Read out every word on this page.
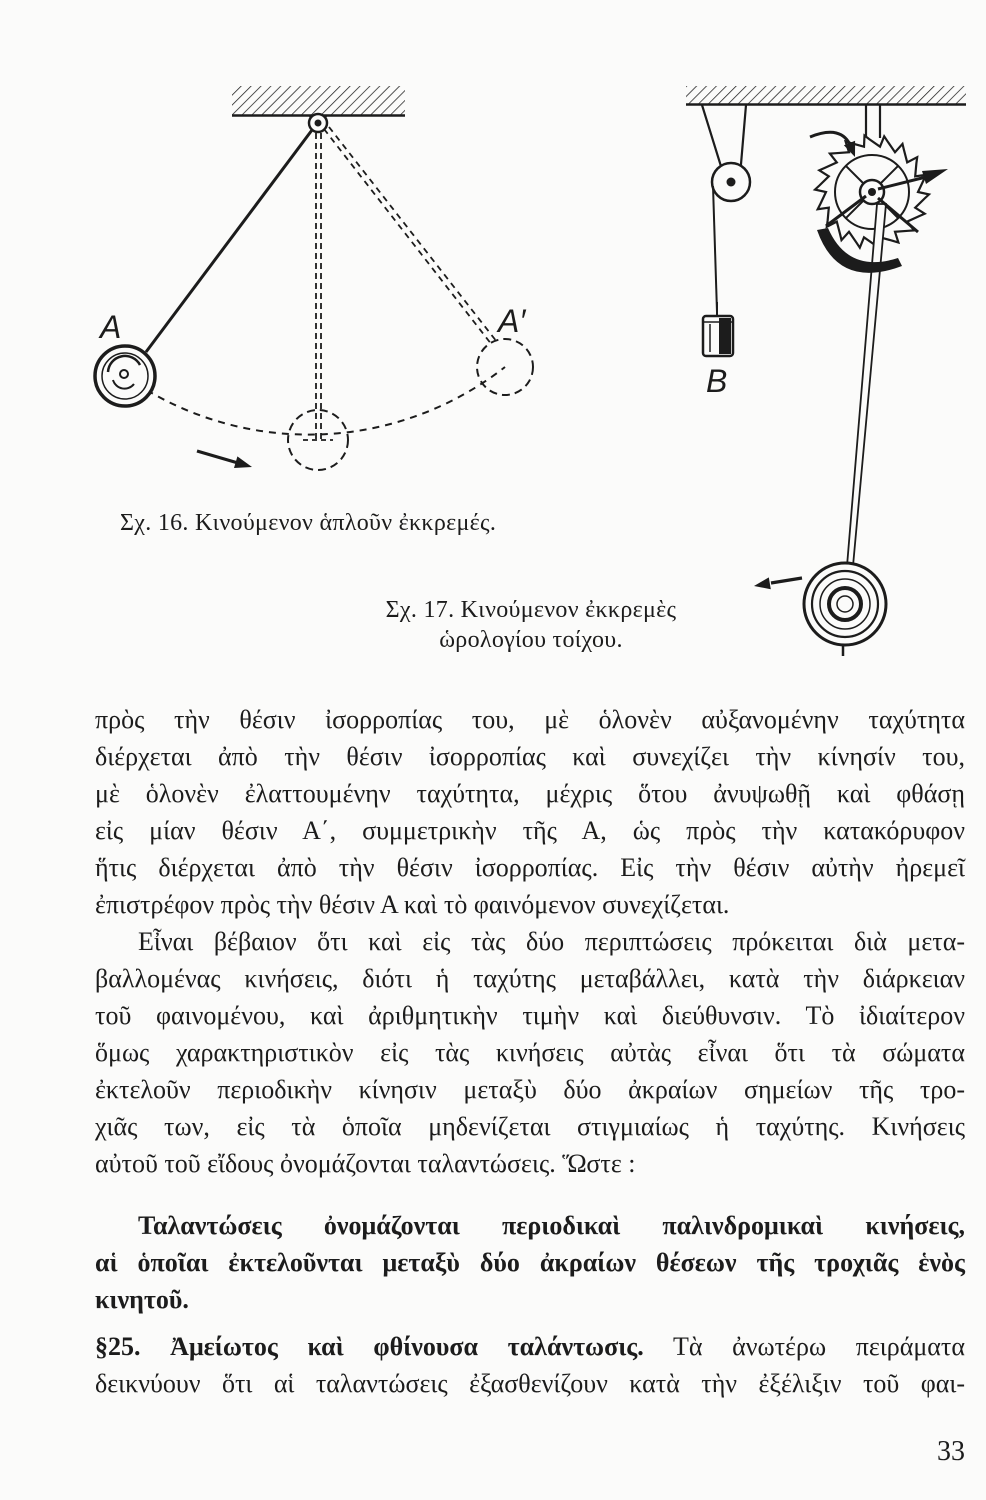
A	A′
B
Σχ. 16. Κινούμενον ἁπλοῦν ἐκκρεμές.
Σχ. 17. Κινούμενον ἐκκρεμὲς
ὡρολογίου τοίχου.
πρὸς τὴν θέσιν ἰσορροπίας του, μὲ ὁλονὲν αὐξανομένην ταχύτητα
διέρχεται ἀπὸ τὴν θέσιν ἰσορροπίας καὶ συνεχίζει τὴν κίνησίν του,
μὲ ὁλονὲν ἐλαττουμένην ταχύτητα, μέχρις ὅτου ἀνυψωθῇ καὶ φθάσῃ
εἰς μίαν θέσιν Α΄, συμμετρικὴν τῆς Α, ὡς πρὸς τὴν κατακόρυφον
ἥτις διέρχεται ἀπὸ τὴν θέσιν ἰσορροπίας. Εἰς τὴν θέσιν αὐτὴν ἠρεμεῖ
ἐπιστρέφον πρὸς τὴν θέσιν Α καὶ τὸ φαινόμενον συνεχίζεται.
Εἶναι βέβαιον ὅτι καὶ εἰς τὰς δύο περιπτώσεις πρόκειται διὰ μετα-
βαλλομένας κινήσεις, διότι ἡ ταχύτης μεταβάλλει, κατὰ τὴν διάρκειαν
τοῦ φαινομένου, καὶ ἀριθμητικὴν τιμὴν καὶ διεύθυνσιν. Τὸ ἰδιαίτερον
ὅμως χαρακτηριστικὸν εἰς τὰς κινήσεις αὐτὰς εἶναι ὅτι τὰ σώματα
ἐκτελοῦν περιοδικὴν κίνησιν μεταξὺ δύο ἀκραίων σημείων τῆς τρο-
χιᾶς των, εἰς τὰ ὁποῖα μηδενίζεται στιγμιαίως ἡ ταχύτης. Κινήσεις
αὐτοῦ τοῦ εἴδους ὀνομάζονται ταλαντώσεις. Ὥστε :
Ταλαντώσεις ὀνομάζονται περιοδικαὶ παλινδρομικαὶ κινήσεις,
αἱ ὁποῖαι ἐκτελοῦνται μεταξὺ δύο ἀκραίων θέσεων τῆς τροχιᾶς ἑνὸς
κινητοῦ.
§25. Ἀμείωτος καὶ φθίνουσα ταλάντωσις. Τὰ ἀνωτέρω πειράματα
δεικνύουν ὅτι αἱ ταλαντώσεις ἐξασθενίζουν κατὰ τὴν ἐξέλιξιν τοῦ φαι-
33
